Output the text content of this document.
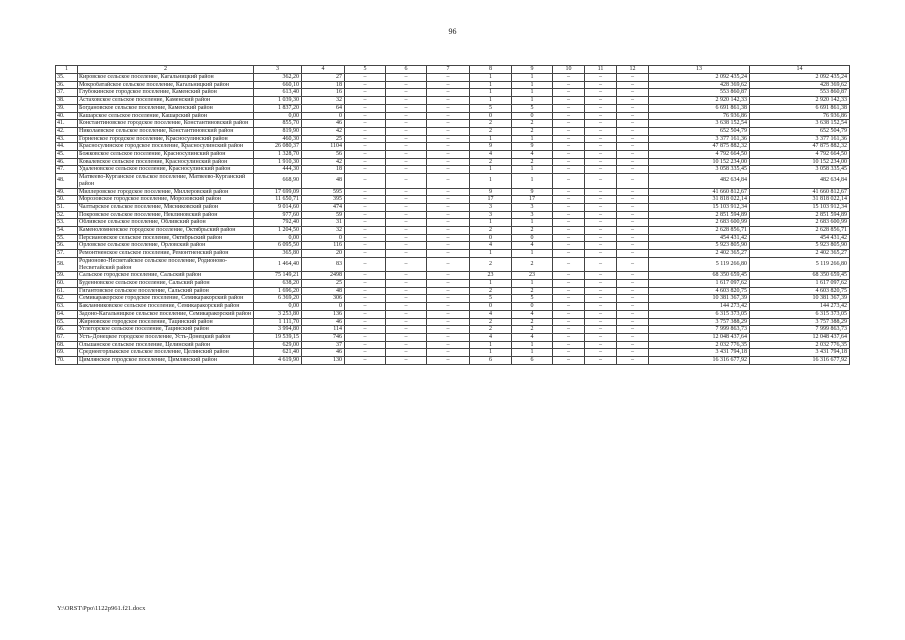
96
1	2	3	4	5	6	7	8	9	10	11	12	13	14
35.	Кировское сельское поселение, Кагальницкий район	362,20	27	–	–	–	1	1	–	–	–	2 092 435,24	2 092 435,24
36.	Мокробатайское сельское поселение, Кагальницкий район	660,10	18	–	–	–	1	1	–	–	–	428 369,62	428 369,62
37.	Глубокинское городское поселение, Каменский район	613,40	16	–	–	–	1	1	–	–	–	553 860,87	553 860,87
38.	Астаховское сельское поселение, Каменский район	1 039,30	32	–	–	–	1	1	–	–	–	2 920 142,33	2 920 142,33
39.	Богдановское сельское поселение, Каменский район	1 837,20	64	–	–	–	5	5	–	–	–	6 691 861,38	6 691 861,38
40.	Кашарское сельское поселение, Кашарский район	0,00	0	–	–	–	0	0	–	–	–	76 936,86	76 936,86
41.	Константиновское городское поселение, Константиновский район	855,70	46	–	–	–	2	2	–	–	–	3 638 152,54	3 638 152,54
42.	Николаевское сельское поселение, Константиновский район	819,90	42	–	–	–	2	2	–	–	–	652 504,79	652 504,79
43.	Горненское городское поселение, Красносулинский район	460,30	25	–	–	–	1	1	–	–	–	3 377 161,36	3 377 161,36
44.	Красносулинское городское поселение, Красносулинский район	26 080,37	1104	–	–	–	9	9	–	–	–	47 875 882,32	47 875 882,32
45.	Божковское сельское поселение, Красносулинский район	1 328,70	56	–	–	–	4	4	–	–	–	4 792 664,50	4 792 664,50
46.	Ковалевское сельское поселение, Красносулинский район	1 910,30	42	–	–	–	2	2	–	–	–	10 152 234,00	10 152 234,00
47.	Удаленовское сельское поселение, Красносулинский район	444,30	18	–	–	–	1	1	–	–	–	3 058 335,45	3 058 335,45
48.	Матвеево-Курганское сельское поселение, Матвеево-Курганский район	668,90	48	–	–	–	1	1	–	–	–	482 634,84	482 634,84
49.	Миллеровское городское поселение, Миллеровский район	17 699,09	595	–	–	–	9	9	–	–	–	41 660 812,67	41 660 812,67
50.	Морозовское городское поселение, Морозовский район	11 650,71	395	–	–	–	17	17	–	–	–	31 818 022,14	31 818 022,14
51.	Чалтырское сельское поселение, Мясниковский район	9 014,60	474	–	–	–	3	3	–	–	–	15 103 912,34	15 103 912,34
52.	Покровское сельское поселение, Неклиновский район	977,60	59	–	–	–	3	3	–	–	–	2 851 594,89	2 851 594,89
53.	Обливское сельское поселение, Обливский район	792,40	31	–	–	–	1	1	–	–	–	2 683 600,99	2 683 600,99
54.	Каменоломненское городское поселение, Октябрьский район	1 204,50	32	–	–	–	2	2	–	–	–	2 628 856,71	2 628 856,71
55.	Персиановское сельское поселение, Октябрьский район	0,00	0	–	–	–	0	0	–	–	–	454 431,42	454 431,42
56.	Орловское сельское поселение, Орловский район	6 095,50	116	–	–	–	4	4	–	–	–	5 923 805,90	5 923 805,90
57.	Ремонтненское сельское поселение, Ремонтненский район	365,80	20	–	–	–	1	1	–	–	–	2 402 365,27	2 402 365,27
58.	Родионово-Несветайское сельское поселение, Родионово-Несветайский район	1 464,40	83	–	–	–	2	2	–	–	–	5 119 266,80	5 119 266,80
59.	Сальское городское поселение, Сальский район	75 149,21	2498	–	–	–	23	23	–	–	–	68 350 659,45	68 350 659,45
60.	Буденновское сельское поселение, Сальский район	638,20	25	–	–	–	1	1	–	–	–	1 617 097,62	1 617 097,62
61.	Гигантовское сельское поселение, Сальский район	1 696,20	48	–	–	–	2	2	–	–	–	4 603 820,75	4 603 820,75
62.	Семикаракорское городское поселение, Семикаракорский район	6 369,20	306	–	–	–	5	5	–	–	–	10 381 367,39	10 381 367,39
63.	Бакланниковское сельское поселение, Семикаракорский район	0,00	0	–	–	–	0	0	–	–	–	144 273,42	144 273,42
64.	Задоно-Кагальницкое сельское поселение, Семикаракорский район	3 253,80	136	–	–	–	4	4	–	–	–	6 315 373,05	6 315 373,05
65.	Жирновское городское поселение, Тацинский район	1 111,70	46	–	–	–	2	2	–	–	–	3 757 388,29	3 757 388,29
66.	Углегорское сельское поселение, Тацинский район	3 994,80	114	–	–	–	2	2	–	–	–	7 999 863,73	7 999 863,73
67.	Усть-Донецкое городское поселение, Усть-Донецкий район	19 539,15	746	–	–	–	4	4	–	–	–	12 048 437,64	12 048 437,64
68.	Ольшанское сельское поселение, Целинский район	629,00	37	–	–	–	1	1	–	–	–	2 032 776,35	2 032 776,35
69.	Среднеегорлыкское сельское поселение, Целинский район	621,40	46	–	–	–	1	1	–	–	–	3 431 794,18	3 431 794,18
70.	Цимлянское городское поселение, Цимлянский район	4 619,90	130	–	–	–	6	6	–	–	–	16 316 677,92	16 316 677,92
Y:\ORST\Ppo\1122p961.f21.docx
